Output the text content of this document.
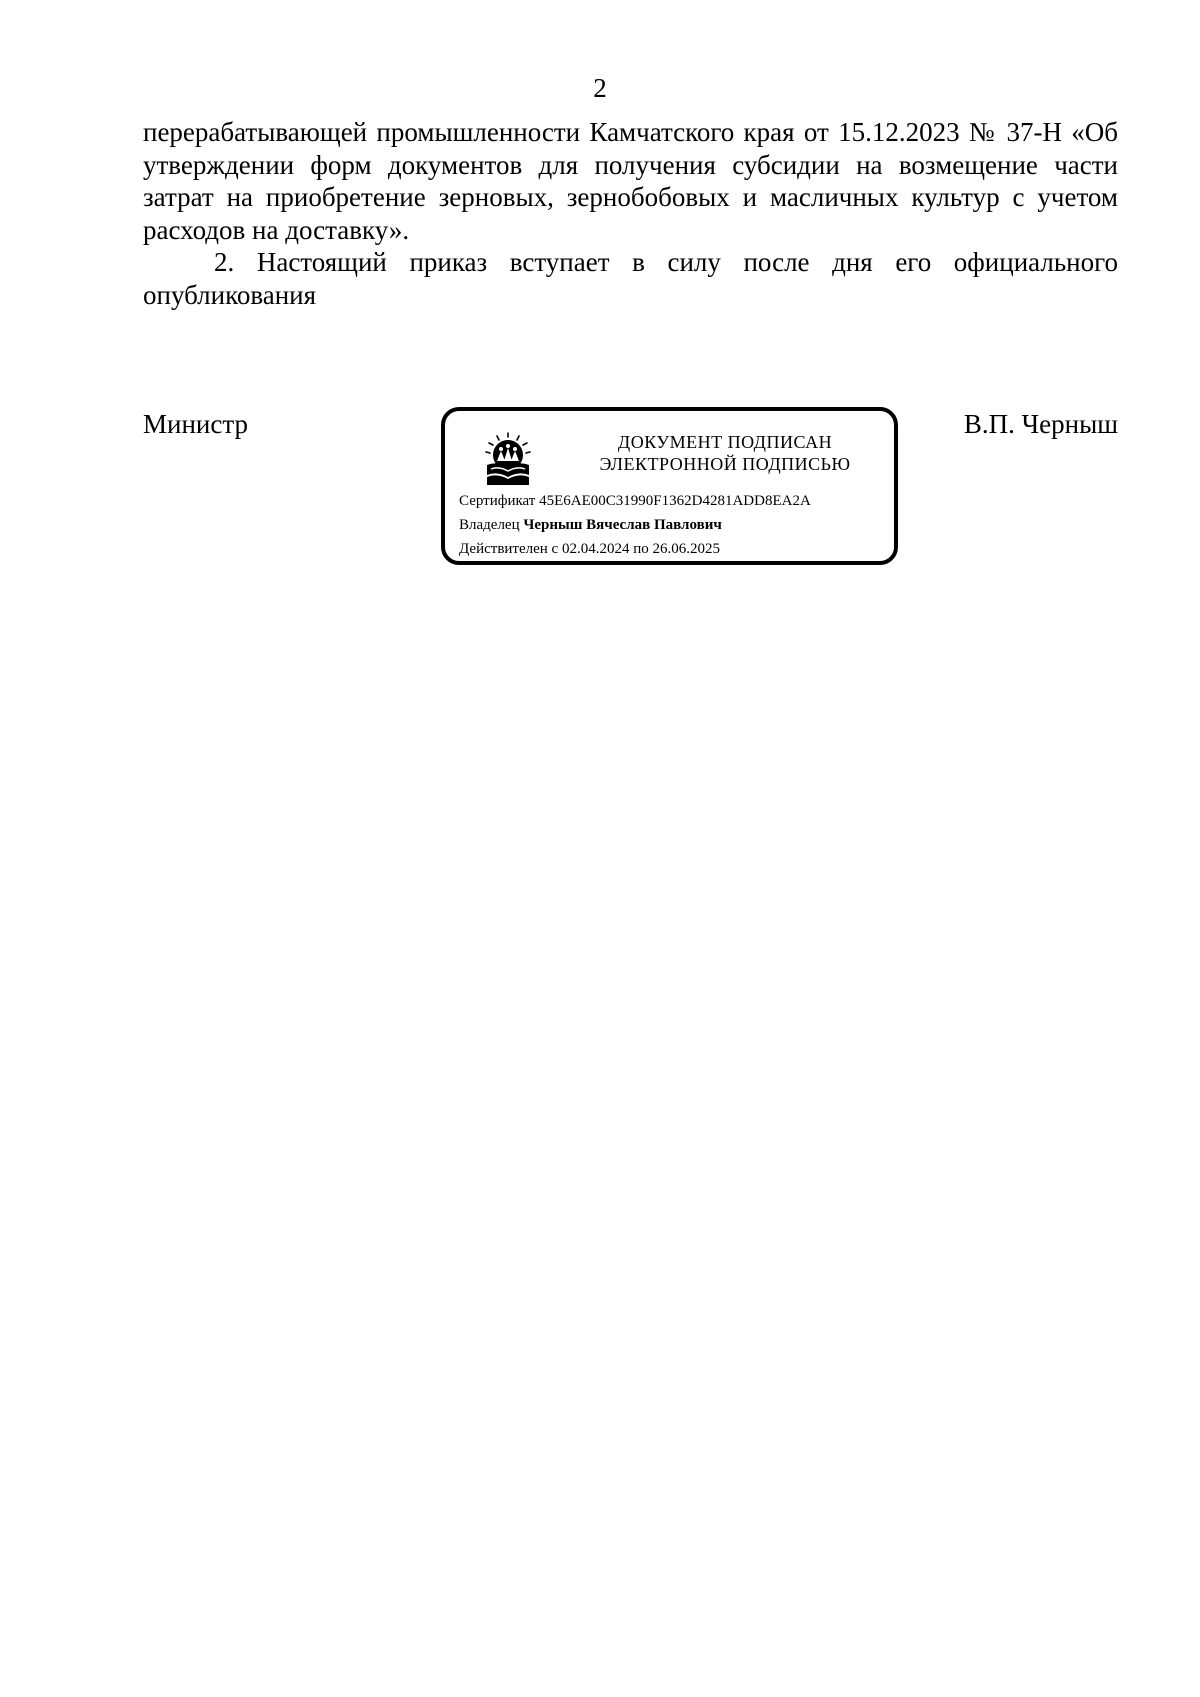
2

перерабатывающей промышленности Камчатского края от 15.12.2023 № 37-Н «Об утверждении форм документов для получения субсидии на возмещение части затрат на приобретение зерновых, зернобобовых и масличных культур с учетом расходов на доставку».

2. Настоящий приказ вступает в силу после дня его официального опубликования

Министр	В.П. Черныш
ДОКУМЕНТ ПОДПИСАН
ЭЛЕКТРОННОЙ ПОДПИСЬЮ
Сертификат 45E6AE00C31990F1362D4281ADD8EA2A
Владелец Черныш Вячеслав Павлович
Действителен с 02.04.2024 по 26.06.2025
